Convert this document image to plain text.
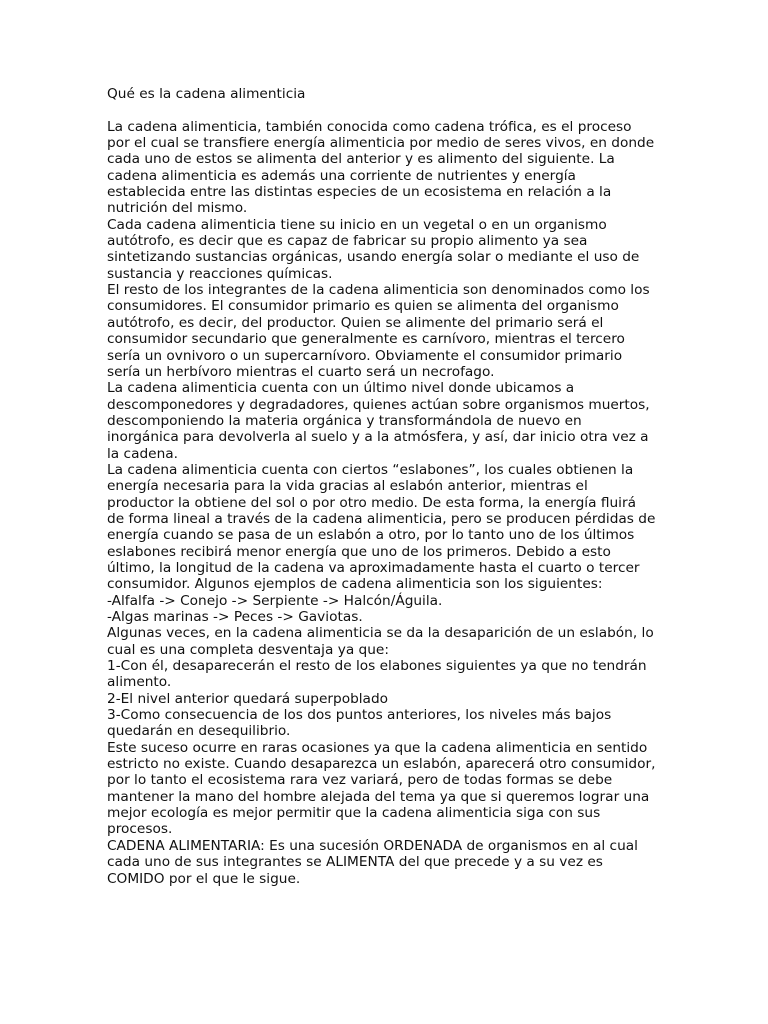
Qué es la cadena alimenticia
La cadena alimenticia, también conocida como cadena trófica, es el proceso
por el cual se transfiere energía alimenticia por medio de seres vivos, en donde
cada uno de estos se alimenta del anterior y es alimento del siguiente. La
cadena alimenticia es además una corriente de nutrientes y energía
establecida entre las distintas especies de un ecosistema en relación a la
nutrición del mismo.
Cada cadena alimenticia tiene su inicio en un vegetal o en un organismo
autótrofo, es decir que es capaz de fabricar su propio alimento ya sea
sintetizando sustancias orgánicas, usando energía solar o mediante el uso de
sustancia y reacciones químicas.
El resto de los integrantes de la cadena alimenticia son denominados como los
consumidores. El consumidor primario es quien se alimenta del organismo
autótrofo, es decir, del productor. Quien se alimente del primario será el
consumidor secundario que generalmente es carnívoro, mientras el tercero
sería un ovnivoro o un supercarnívoro. Obviamente el consumidor primario
sería un herbívoro mientras el cuarto será un necrofago.
La cadena alimenticia cuenta con un último nivel donde ubicamos a
descomponedores y degradadores, quienes actúan sobre organismos muertos,
descomponiendo la materia orgánica y transformándola de nuevo en
inorgánica para devolverla al suelo y a la atmósfera, y así, dar inicio otra vez a
la cadena.
La cadena alimenticia cuenta con ciertos “eslabones”, los cuales obtienen la
energía necesaria para la vida gracias al eslabón anterior, mientras el
productor la obtiene del sol o por otro medio. De esta forma, la energía fluirá
de forma lineal a través de la cadena alimenticia, pero se producen pérdidas de
energía cuando se pasa de un eslabón a otro, por lo tanto uno de los últimos
eslabones recibirá menor energía que uno de los primeros. Debido a esto
último, la longitud de la cadena va aproximadamente hasta el cuarto o tercer
consumidor. Algunos ejemplos de cadena alimenticia son los siguientes:
-Alfalfa -> Conejo -> Serpiente -> Halcón/Águila.
-Algas marinas -> Peces -> Gaviotas.
Algunas veces, en la cadena alimenticia se da la desaparición de un eslabón, lo
cual es una completa desventaja ya que:
1-Con él, desaparecerán el resto de los elabones siguientes ya que no tendrán
alimento.
2-El nivel anterior quedará superpoblado
3-Como consecuencia de los dos puntos anteriores, los niveles más bajos
quedarán en desequilibrio.
Este suceso ocurre en raras ocasiones ya que la cadena alimenticia en sentido
estricto no existe. Cuando desaparezca un eslabón, aparecerá otro consumidor,
por lo tanto el ecosistema rara vez variará, pero de todas formas se debe
mantener la mano del hombre alejada del tema ya que si queremos lograr una
mejor ecología es mejor permitir que la cadena alimenticia siga con sus
procesos.
CADENA ALIMENTARIA: Es una sucesión ORDENADA de organismos en al cual
cada uno de sus integrantes se ALIMENTA del que precede y a su vez es
COMIDO por el que le sigue.
